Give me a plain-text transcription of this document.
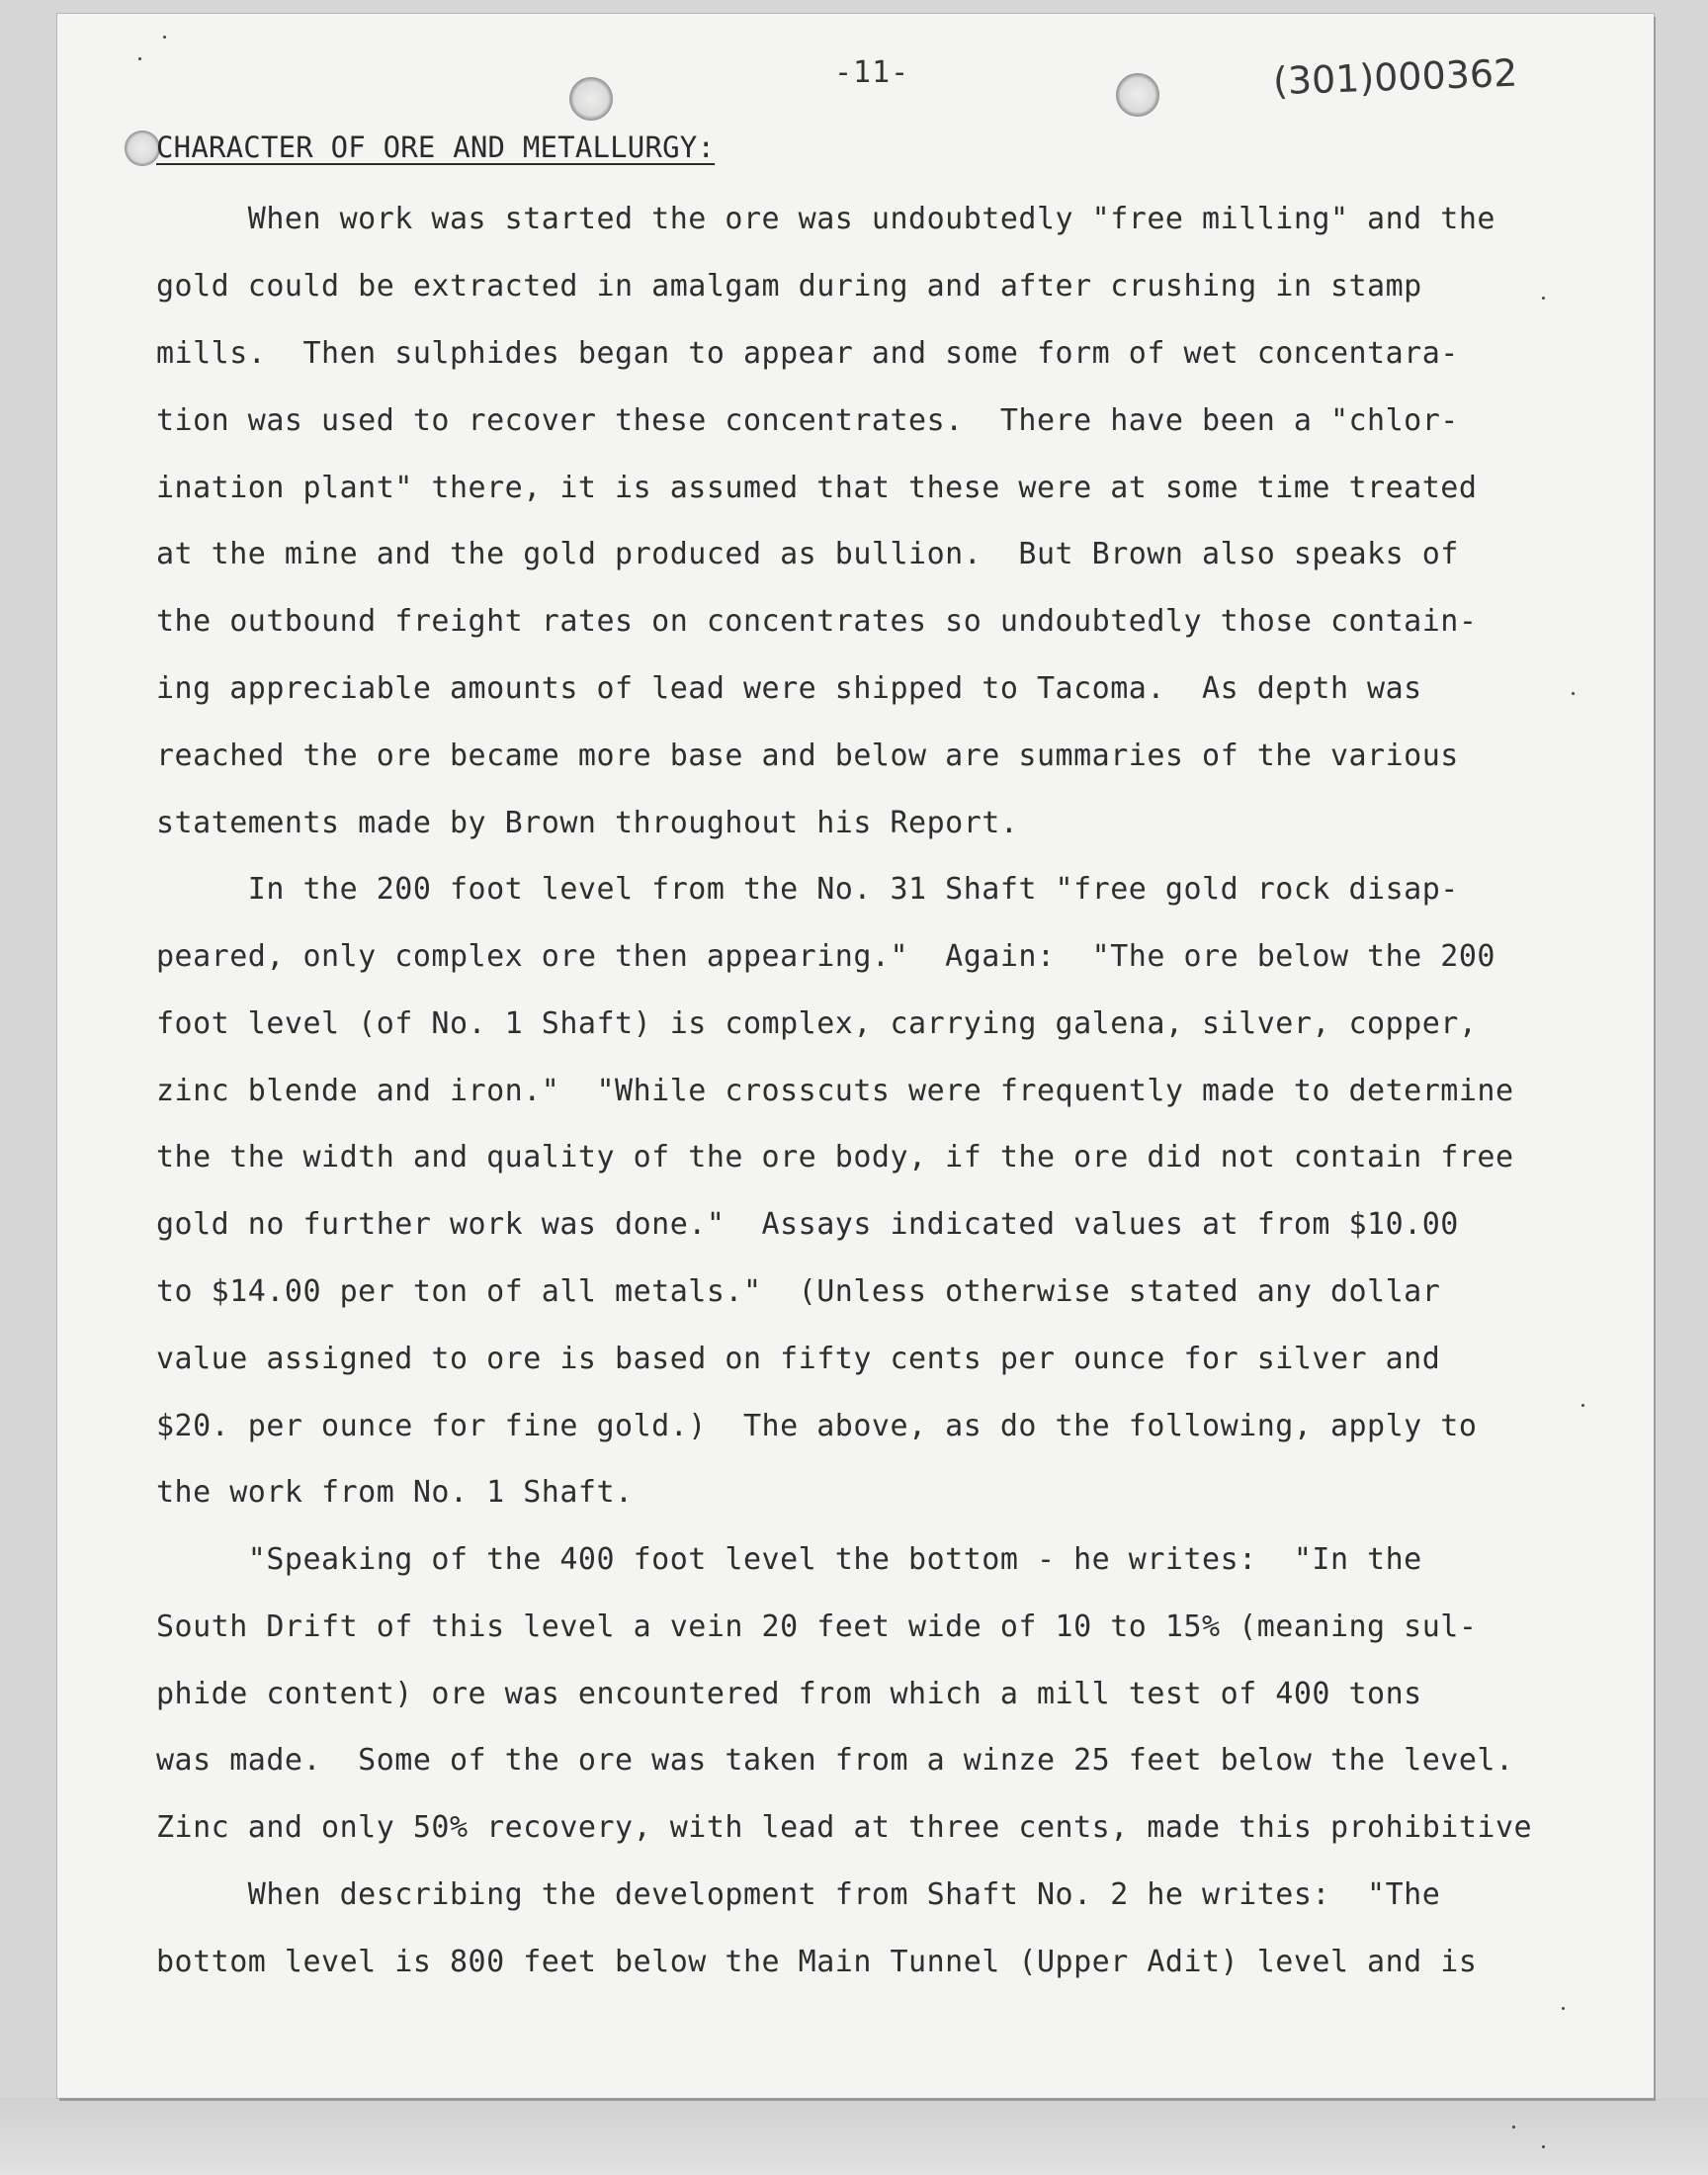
-11-	(301)000362
CHARACTER OF ORE AND METALLURGY:
When work was started the ore was undoubtedly "free milling" and the
gold could be extracted in amalgam during and after crushing in stamp
mills.  Then sulphides began to appear and some form of wet concentara-
tion was used to recover these concentrates.  There have been a "chlor-
ination plant" there, it is assumed that these were at some time treated
at the mine and the gold produced as bullion.  But Brown also speaks of
the outbound freight rates on concentrates so undoubtedly those contain-
ing appreciable amounts of lead were shipped to Tacoma.  As depth was
reached the ore became more base and below are summaries of the various
statements made by Brown throughout his Report.
In the 200 foot level from the No. 31 Shaft "free gold rock disap-
peared, only complex ore then appearing."  Again:  "The ore below the 200
foot level (of No. 1 Shaft) is complex, carrying galena, silver, copper,
zinc blende and iron."  "While crosscuts were frequently made to determine
the the width and quality of the ore body, if the ore did not contain free
gold no further work was done."  Assays indicated values at from $10.00
to $14.00 per ton of all metals."  (Unless otherwise stated any dollar
value assigned to ore is based on fifty cents per ounce for silver and
$20. per ounce for fine gold.)  The above, as do the following, apply to
the work from No. 1 Shaft.
"Speaking of the 400 foot level the bottom - he writes:  "In the
South Drift of this level a vein 20 feet wide of 10 to 15% (meaning sul-
phide content) ore was encountered from which a mill test of 400 tons
was made.  Some of the ore was taken from a winze 25 feet below the level.
Zinc and only 50% recovery, with lead at three cents, made this prohibitive
When describing the development from Shaft No. 2 he writes:  "The
bottom level is 800 feet below the Main Tunnel (Upper Adit) level and is
